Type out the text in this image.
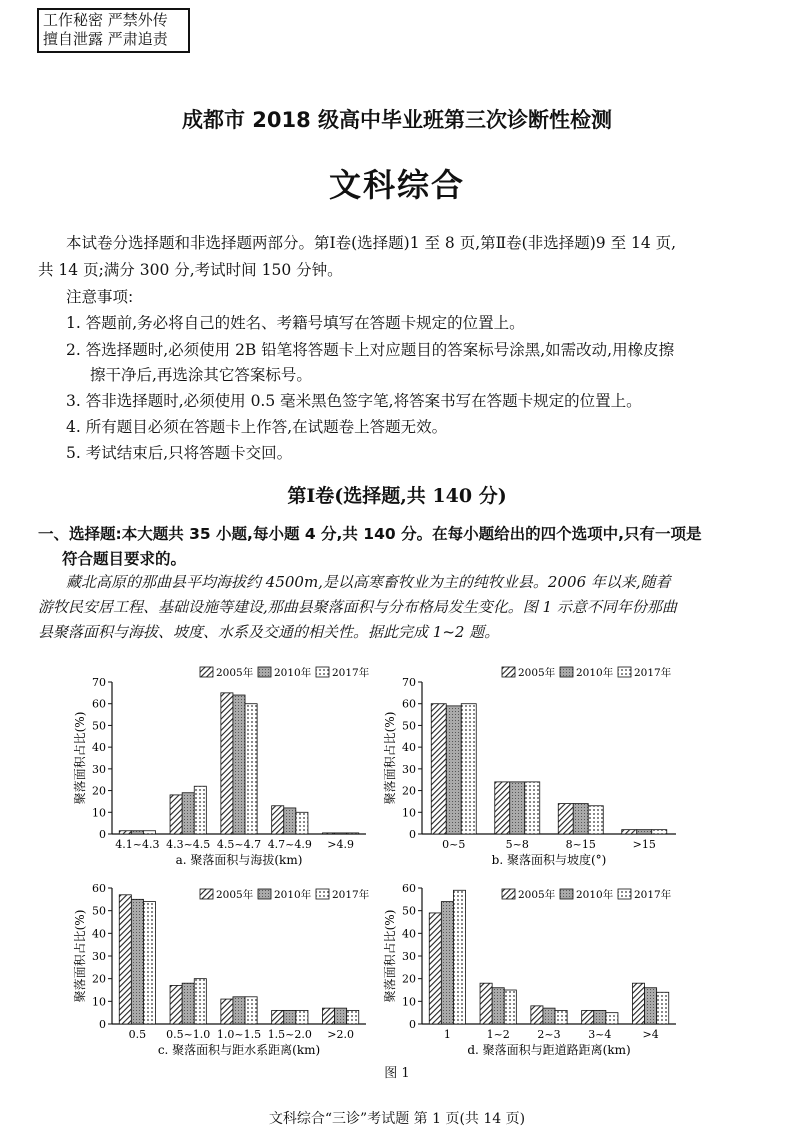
工作秘密 严禁外传
擅自泄露 严肃追责
成都市 2018 级高中毕业班第三次诊断性检测
文科综合
本试卷分选择题和非选择题两部分。第Ⅰ卷(选择题)1 至 8 页,第Ⅱ卷(非选择题)9 至 14 页,
共 14 页;满分 300 分,考试时间 150 分钟。
注意事项:
1. 答题前,务必将自己的姓名、考籍号填写在答题卡规定的位置上。
2. 答选择题时,必须使用 2B 铅笔将答题卡上对应题目的答案标号涂黑,如需改动,用橡皮擦
擦干净后,再选涂其它答案标号。
3. 答非选择题时,必须使用 0.5 毫米黑色签字笔,将答案书写在答题卡规定的位置上。
4. 所有题目必须在答题卡上作答,在试题卷上答题无效。
5. 考试结束后,只将答题卡交回。
第Ⅰ卷(选择题,共 140 分)
一、选择题:本大题共 35 小题,每小题 4 分,共 140 分。在每小题给出的四个选项中,只有一项是
符合题目要求的。
藏北高原的那曲县平均海拔约 4500m,是以高寒畜牧业为主的纯牧业县。2006 年以来,随着
游牧民安居工程、基础设施等建设,那曲县聚落面积与分布格局发生变化。图 1 示意不同年份那曲
县聚落面积与海拔、坡度、水系及交通的相关性。据此完成 1~2 题。
0
10
20
30
40
50
60
70
聚落面积占比(%)
4.1~4.3 4.3~4.5 4.5~4.7 4.7~4.9 >4.9
a. 聚落面积与海拔(km)
2005年 2010年 2017年
0
10
20
30
40
50
60
70
聚落面积占比(%)
0~5	5~8	8~15	>15
b. 聚落面积与坡度(°)
2005年 2010年 2017年
0
10
20
30
40
50
60
聚落面积占比(%)
0.5 0.5~1.0 1.0~1.5 1.5~2.0 >2.0
c. 聚落面积与距水系距离(km)
2005年 2010年 2017年
0
10
20
30
40
50
60
聚落面积占比(%)
1	1~2	2~3	3~4	>4
d. 聚落面积与距道路距离(km)
2005年 2010年 2017年
图 1
文科综合“三诊”考试题 第 1 页(共 14 页)
